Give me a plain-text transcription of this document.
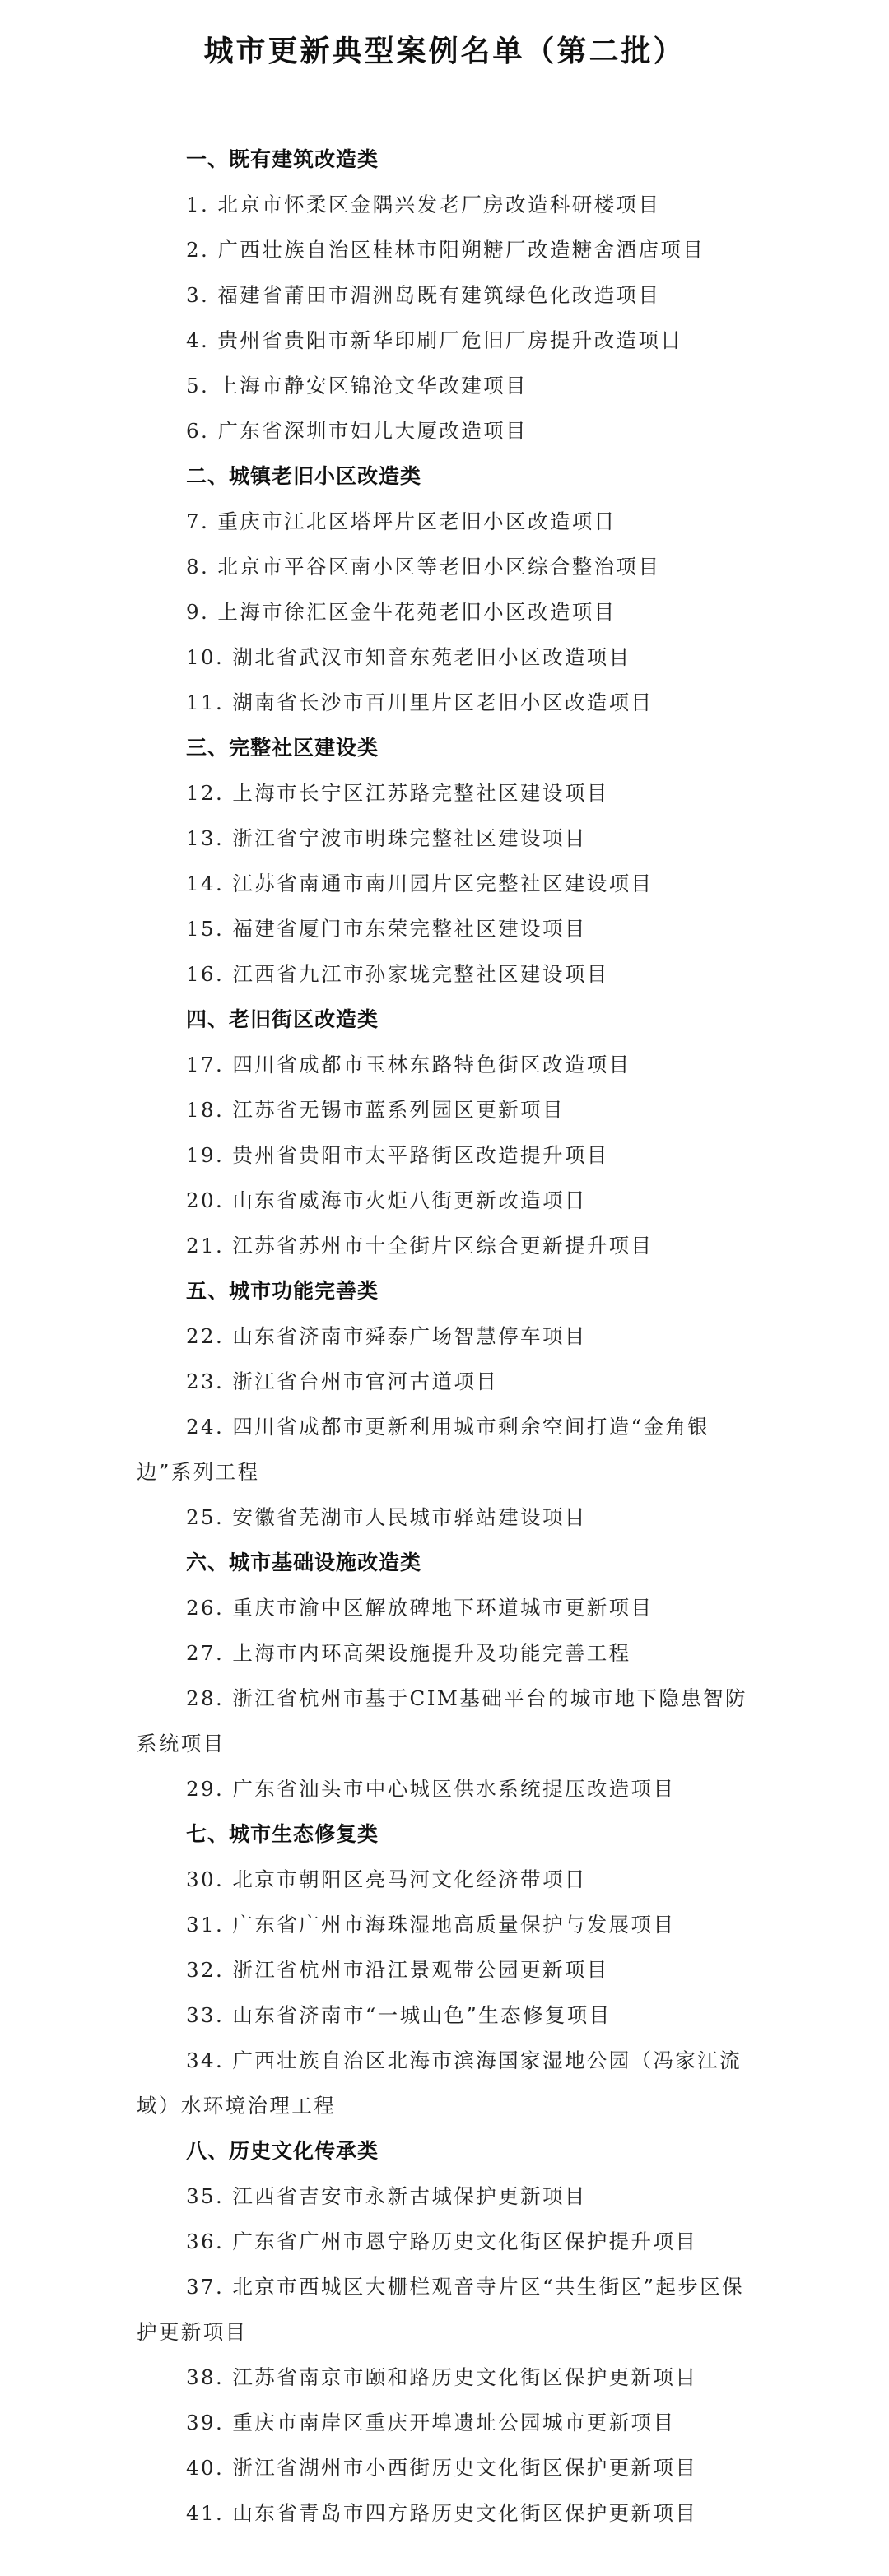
城市更新典型案例名单（第二批）
一、既有建筑改造类
1. 北京市怀柔区金隅兴发老厂房改造科研楼项目
2. 广西壮族自治区桂林市阳朔糖厂改造糖舍酒店项目
3. 福建省莆田市湄洲岛既有建筑绿色化改造项目
4. 贵州省贵阳市新华印刷厂危旧厂房提升改造项目
5. 上海市静安区锦沧文华改建项目
6. 广东省深圳市妇儿大厦改造项目
二、城镇老旧小区改造类
7. 重庆市江北区塔坪片区老旧小区改造项目
8. 北京市平谷区南小区等老旧小区综合整治项目
9. 上海市徐汇区金牛花苑老旧小区改造项目
10. 湖北省武汉市知音东苑老旧小区改造项目
11. 湖南省长沙市百川里片区老旧小区改造项目
三、完整社区建设类
12. 上海市长宁区江苏路完整社区建设项目
13. 浙江省宁波市明珠完整社区建设项目
14. 江苏省南通市南川园片区完整社区建设项目
15. 福建省厦门市东荣完整社区建设项目
16. 江西省九江市孙家垅完整社区建设项目
四、老旧街区改造类
17. 四川省成都市玉林东路特色街区改造项目
18. 江苏省无锡市蓝系列园区更新项目
19. 贵州省贵阳市太平路街区改造提升项目
20. 山东省威海市火炬八街更新改造项目
21. 江苏省苏州市十全街片区综合更新提升项目
五、城市功能完善类
22. 山东省济南市舜泰广场智慧停车项目
23. 浙江省台州市官河古道项目
24. 四川省成都市更新利用城市剩余空间打造“金角银边”系列工程
25. 安徽省芜湖市人民城市驿站建设项目
六、城市基础设施改造类
26. 重庆市渝中区解放碑地下环道城市更新项目
27. 上海市内环高架设施提升及功能完善工程
28. 浙江省杭州市基于CIM基础平台的城市地下隐患智防系统项目
29. 广东省汕头市中心城区供水系统提压改造项目
七、城市生态修复类
30. 北京市朝阳区亮马河文化经济带项目
31. 广东省广州市海珠湿地高质量保护与发展项目
32. 浙江省杭州市沿江景观带公园更新项目
33. 山东省济南市“一城山色”生态修复项目
34. 广西壮族自治区北海市滨海国家湿地公园（冯家江流域）水环境治理工程
八、历史文化传承类
35. 江西省吉安市永新古城保护更新项目
36. 广东省广州市恩宁路历史文化街区保护提升项目
37. 北京市西城区大栅栏观音寺片区“共生街区”起步区保护更新项目
38. 江苏省南京市颐和路历史文化街区保护更新项目
39. 重庆市南岸区重庆开埠遗址公园城市更新项目
40. 浙江省湖州市小西街历史文化街区保护更新项目
41. 山东省青岛市四方路历史文化街区保护更新项目
